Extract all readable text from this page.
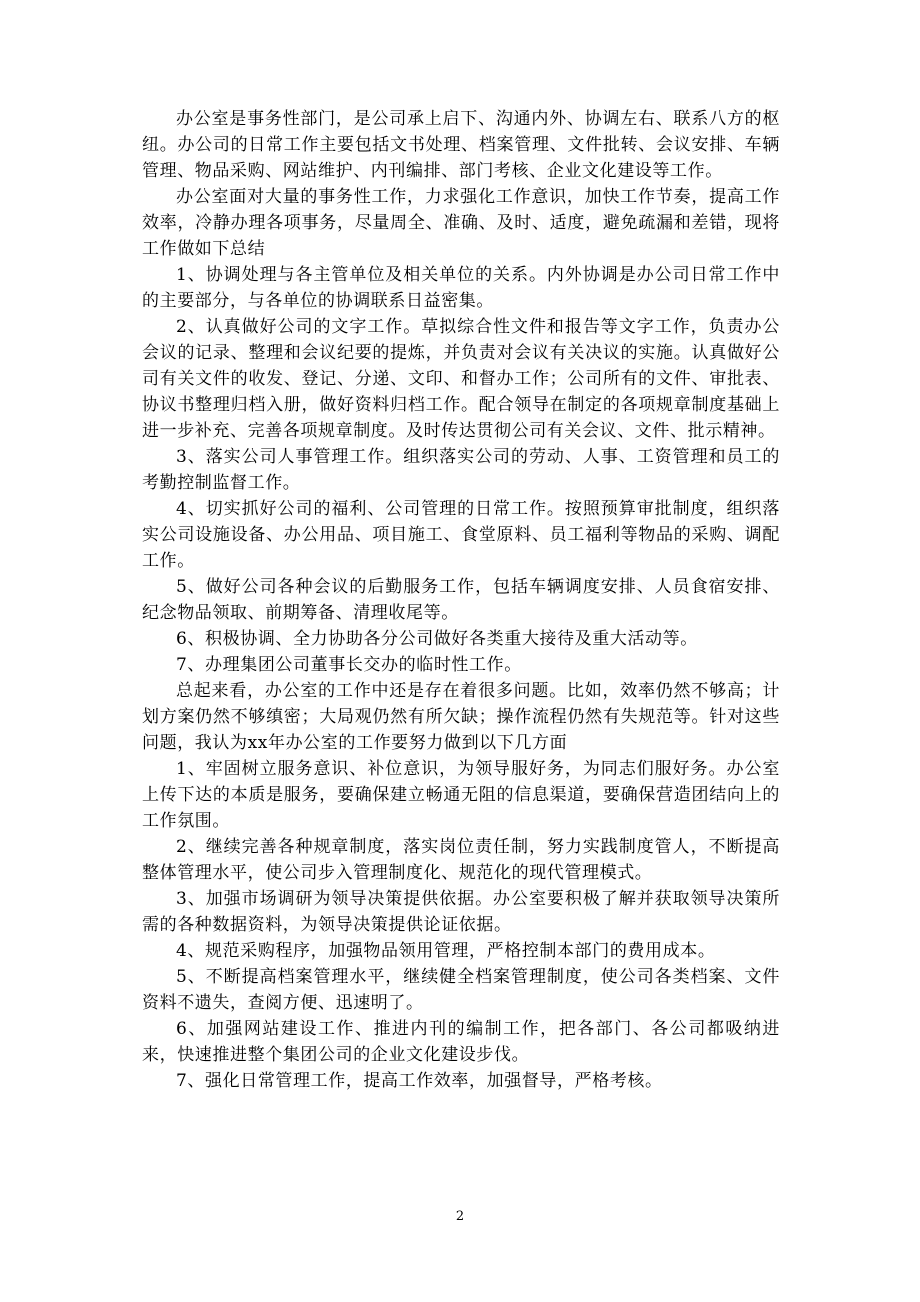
办公室是事务性部门，是公司承上启下、沟通内外、协调左右、联系八方的枢纽。办公司的日常工作主要包括文书处理、档案管理、文件批转、会议安排、车辆管理、物品采购、网站维护、内刊编排、部门考核、企业文化建设等工作。

办公室面对大量的事务性工作，力求强化工作意识，加快工作节奏，提高工作效率，冷静办理各项事务，尽量周全、准确、及时、适度，避免疏漏和差错，现将工作做如下总结

1、协调处理与各主管单位及相关单位的关系。内外协调是办公司日常工作中的主要部分，与各单位的协调联系日益密集。

2、认真做好公司的文字工作。草拟综合性文件和报告等文字工作，负责办公会议的记录、整理和会议纪要的提炼，并负责对会议有关决议的实施。认真做好公司有关文件的收发、登记、分递、文印、和督办工作；公司所有的文件、审批表、协议书整理归档入册，做好资料归档工作。配合领导在制定的各项规章制度基础上进一步补充、完善各项规章制度。及时传达贯彻公司有关会议、文件、批示精神。

3、落实公司人事管理工作。组织落实公司的劳动、人事、工资管理和员工的考勤控制监督工作。

4、切实抓好公司的福利、公司管理的日常工作。按照预算审批制度，组织落实公司设施设备、办公用品、项目施工、食堂原料、员工福利等物品的采购、调配工作。

5、做好公司各种会议的后勤服务工作，包括车辆调度安排、人员食宿安排、纪念物品领取、前期筹备、清理收尾等。

6、积极协调、全力协助各分公司做好各类重大接待及重大活动等。

7、办理集团公司董事长交办的临时性工作。

总起来看，办公室的工作中还是存在着很多问题。比如，效率仍然不够高；计划方案仍然不够缜密；大局观仍然有所欠缺；操作流程仍然有失规范等。针对这些问题，我认为xx年办公室的工作要努力做到以下几方面

1、牢固树立服务意识、补位意识，为领导服好务，为同志们服好务。办公室上传下达的本质是服务，要确保建立畅通无阻的信息渠道，要确保营造团结向上的工作氛围。

2、继续完善各种规章制度，落实岗位责任制，努力实践制度管人，不断提高整体管理水平，使公司步入管理制度化、规范化的现代管理模式。

3、加强市场调研为领导决策提供依据。办公室要积极了解并获取领导决策所需的各种数据资料，为领导决策提供论证依据。

4、规范采购程序，加强物品领用管理，严格控制本部门的费用成本。

5、不断提高档案管理水平，继续健全档案管理制度，使公司各类档案、文件资料不遗失，查阅方便、迅速明了。

6、加强网站建设工作、推进内刊的编制工作，把各部门、各公司都吸纳进来，快速推进整个集团公司的企业文化建设步伐。

7、强化日常管理工作，提高工作效率，加强督导，严格考核。

2
